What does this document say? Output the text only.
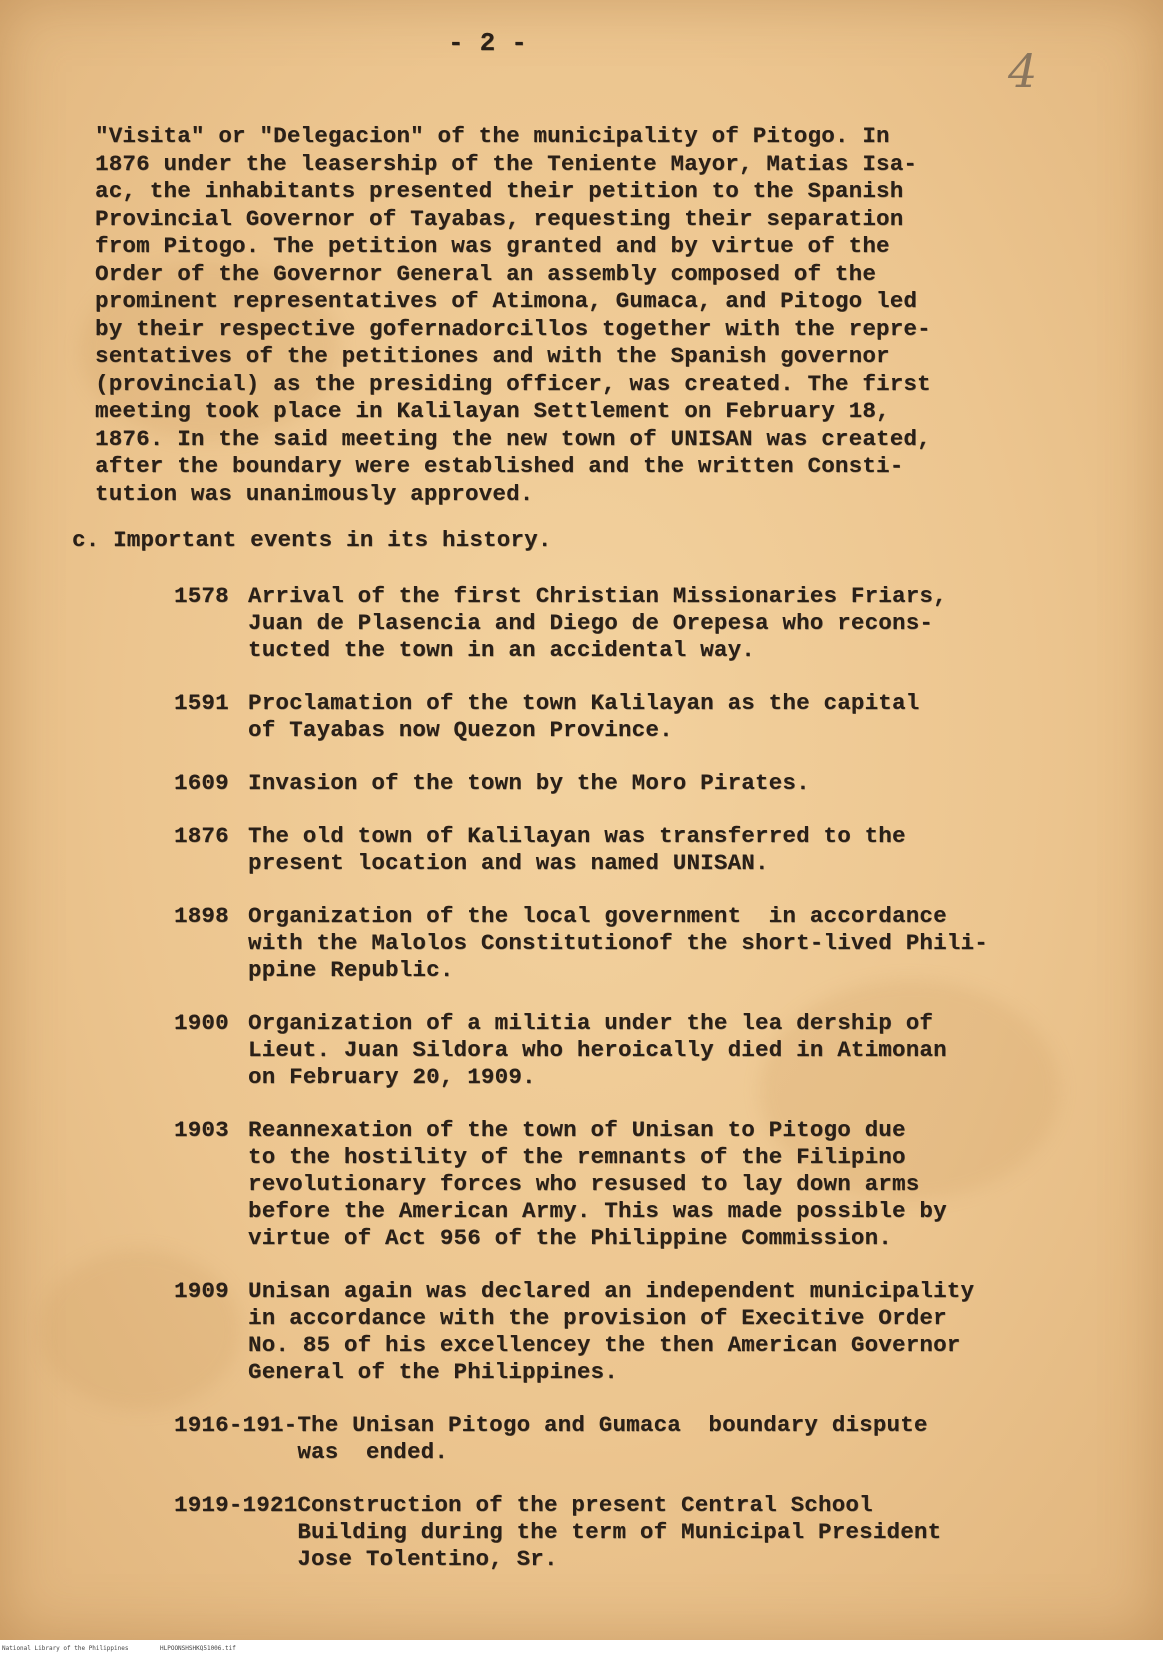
- 2 -
4
"Visita" or "Delegacion" of the municipality of Pitogo. In
1876 under the leasership of the Teniente Mayor, Matias Isa-
ac, the inhabitants presented their petition to the Spanish
Provincial Governor of Tayabas, requesting their separation
from Pitogo. The petition was granted and by virtue of the
Order of the Governor General an assembly composed of the
prominent representatives of Atimona, Gumaca, and Pitogo led
by their respective gofernadorcillos together with the repre-
sentatives of the petitiones and with the Spanish governor
(provincial) as the presiding officer, was created. The first
meeting took place in Kalilayan Settlement on February 18,
1876. In the said meeting the new town of UNISAN was created,
after the boundary were established and the written Consti-
tution was unanimously approved.
c. Important events in its history.
1578 Arrival of the first Christian Missionaries Friars,
Juan de Plasencia and Diego de Orepesa who recons-
tucted the town in an accidental way.
1591 Proclamation of the town Kalilayan as the capital
of Tayabas now Quezon Province.
1609 Invasion of the town by the Moro Pirates.
1876 The old town of Kalilayan was transferred to the
present location and was named UNISAN.
1898 Organization of the local government  in accordance
with the Malolos Constitutionof the short-lived Phili-
ppine Republic.
1900 Organization of a militia under the lea dership of
Lieut. Juan Sildora who heroically died in Atimonan
on February 20, 1909.
1903 Reannexation of the town of Unisan to Pitogo due
to the hostility of the remnants of the Filipino
revolutionary forces who resused to lay down arms
before the American Army. This was made possible by
virtue of Act 956 of the Philippine Commission.
1909 Unisan again was declared an independent municipality
in accordance with the provision of Execitive Order
No. 85 of his excellencey the then American Governor
General of the Philippines.
1916-191- The Unisan Pitogo and Gumaca  boundary dispute
was  ended.
1919-1921 Construction of the present Central School
Building during the term of Municipal President
Jose Tolentino, Sr.
National Library of the Philippines	HLPOONSHSHKQ51006.tif
